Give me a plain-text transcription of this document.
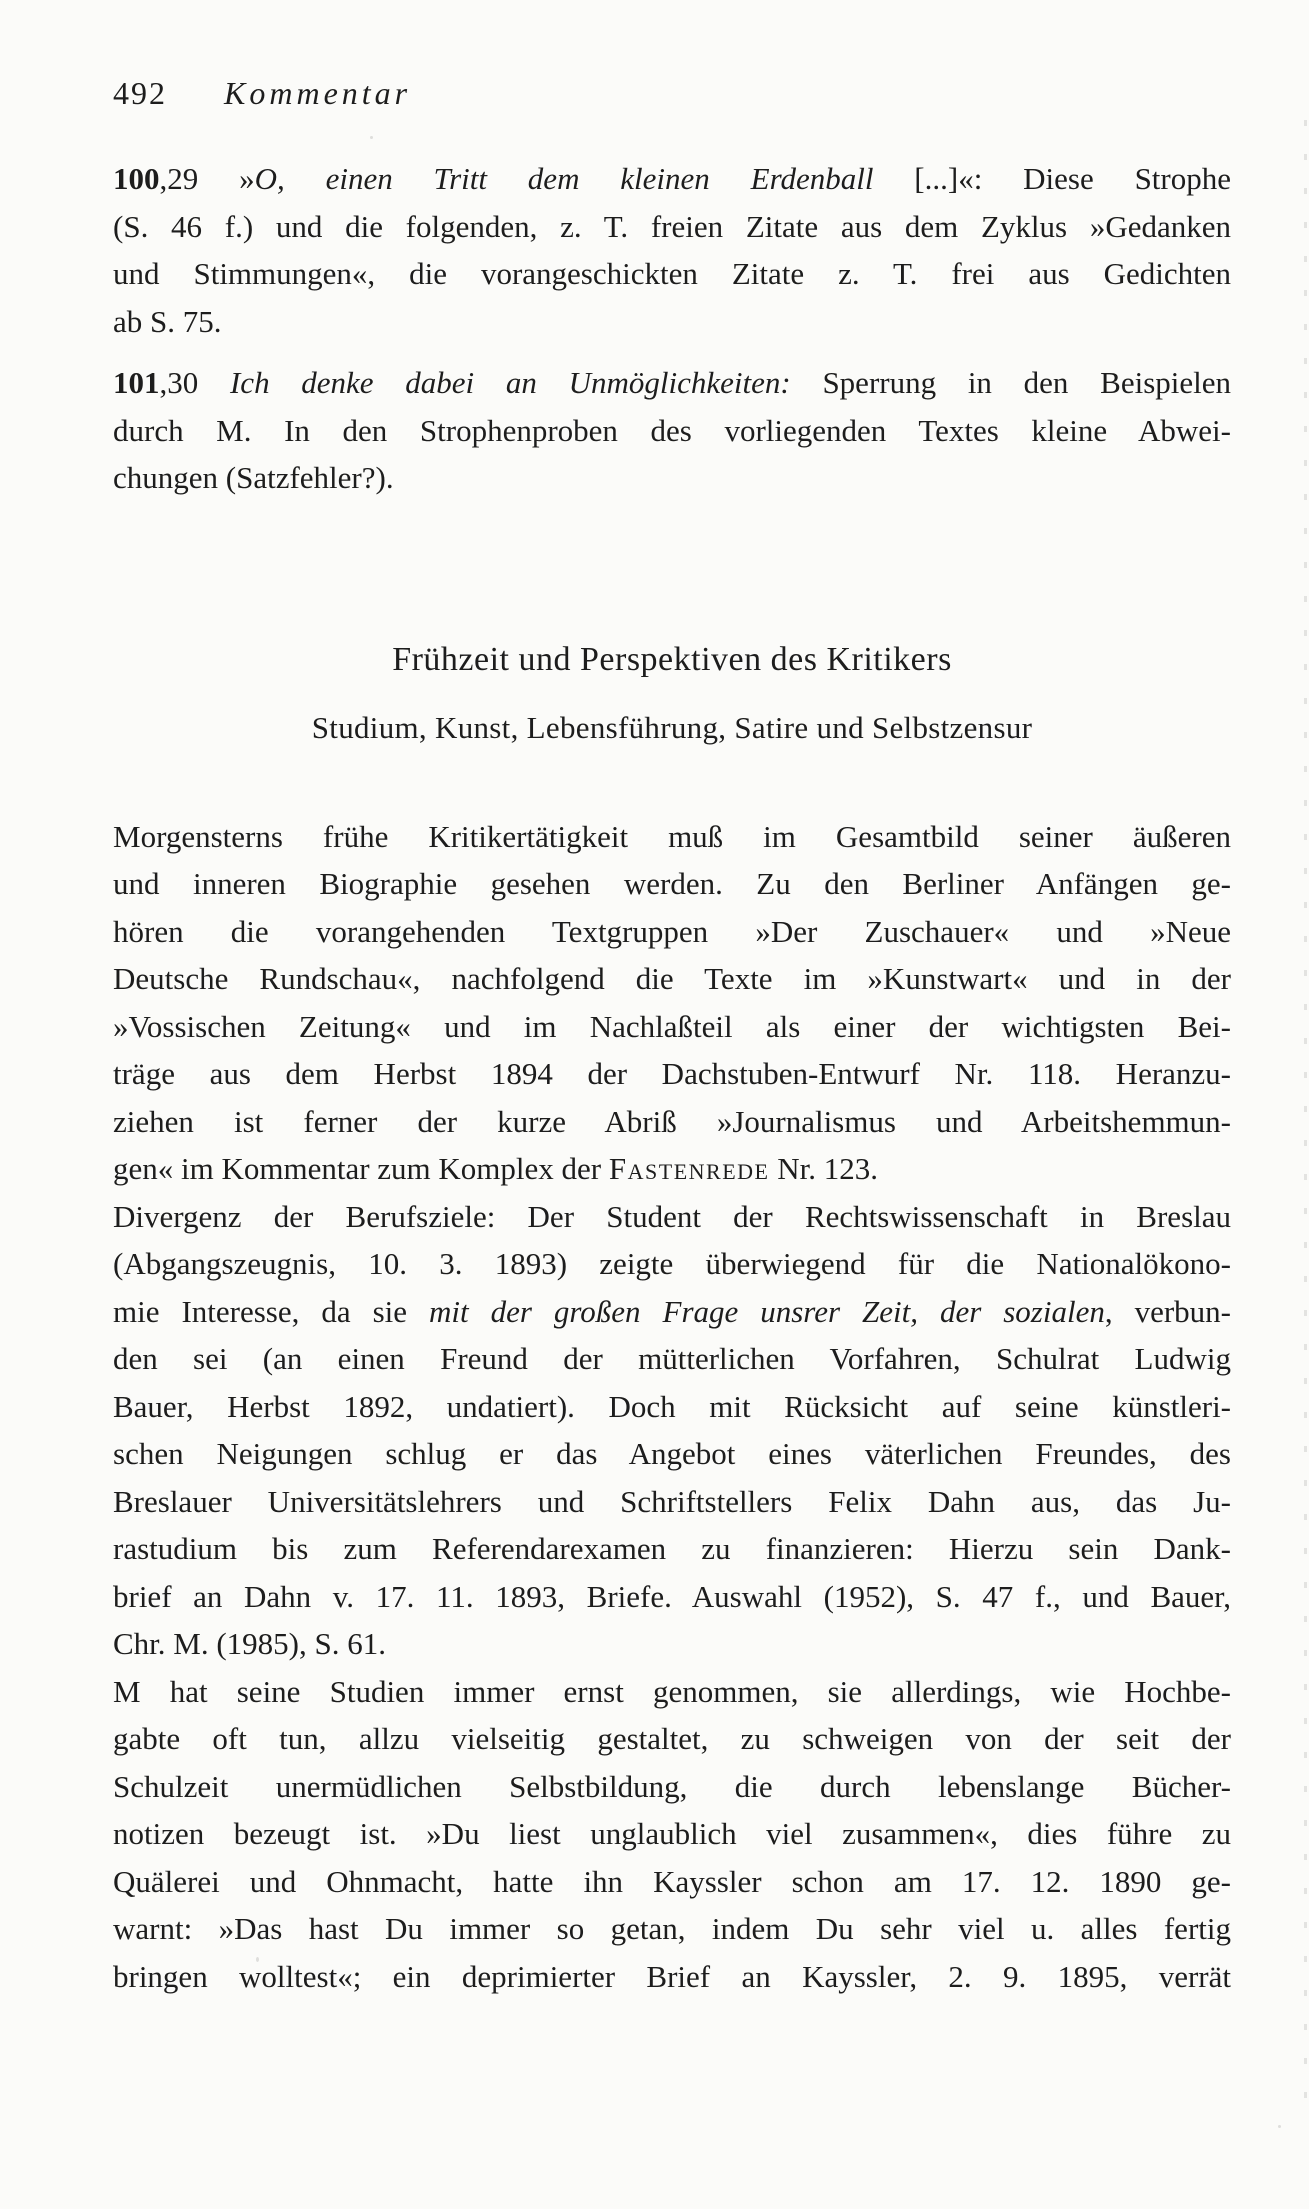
492 Kommentar
100,29 »O, einen Tritt dem kleinen Erdenball [...]«: Diese Strophe
(S. 46 f.) und die folgenden, z. T. freien Zitate aus dem Zyklus »Gedanken
und Stimmungen«, die vorangeschickten Zitate z. T. frei aus Gedichten
ab S. 75.
101,30 Ich denke dabei an Unmöglichkeiten: Sperrung in den Beispielen
durch M. In den Strophenproben des vorliegenden Textes kleine Abwei-
chungen (Satzfehler?).
Frühzeit und Perspektiven des Kritikers
Studium, Kunst, Lebensführung, Satire und Selbstzensur
Morgensterns frühe Kritikertätigkeit muß im Gesamtbild seiner äußeren
und inneren Biographie gesehen werden. Zu den Berliner Anfängen ge-
hören die vorangehenden Textgruppen »Der Zuschauer« und »Neue
Deutsche Rundschau«, nachfolgend die Texte im »Kunstwart« und in der
»Vossischen Zeitung« und im Nachlaßteil als einer der wichtigsten Bei-
träge aus dem Herbst 1894 der Dachstuben-Entwurf Nr. 118. Heranzu-
ziehen ist ferner der kurze Abriß »Journalismus und Arbeitshemmun-
gen« im Kommentar zum Komplex der Fastenrede Nr. 123.
Divergenz der Berufsziele: Der Student der Rechtswissenschaft in Breslau
(Abgangszeugnis, 10. 3. 1893) zeigte überwiegend für die Nationalökono-
mie Interesse, da sie mit der großen Frage unsrer Zeit, der sozialen, verbun-
den sei (an einen Freund der mütterlichen Vorfahren, Schulrat Ludwig
Bauer, Herbst 1892, undatiert). Doch mit Rücksicht auf seine künstleri-
schen Neigungen schlug er das Angebot eines väterlichen Freundes, des
Breslauer Universitätslehrers und Schriftstellers Felix Dahn aus, das Ju-
rastudium bis zum Referendarexamen zu finanzieren: Hierzu sein Dank-
brief an Dahn v. 17. 11. 1893, Briefe. Auswahl (1952), S. 47 f., und Bauer,
Chr. M. (1985), S. 61.
M hat seine Studien immer ernst genommen, sie allerdings, wie Hochbe-
gabte oft tun, allzu vielseitig gestaltet, zu schweigen von der seit der
Schulzeit unermüdlichen Selbstbildung, die durch lebenslange Bücher-
notizen bezeugt ist. »Du liest unglaublich viel zusammen«, dies führe zu
Quälerei und Ohnmacht, hatte ihn Kayssler schon am 17. 12. 1890 ge-
warnt: »Das hast Du immer so getan, indem Du sehr viel u. alles fertig
bringen wolltest«; ein deprimierter Brief an Kayssler, 2. 9. 1895, verrät
